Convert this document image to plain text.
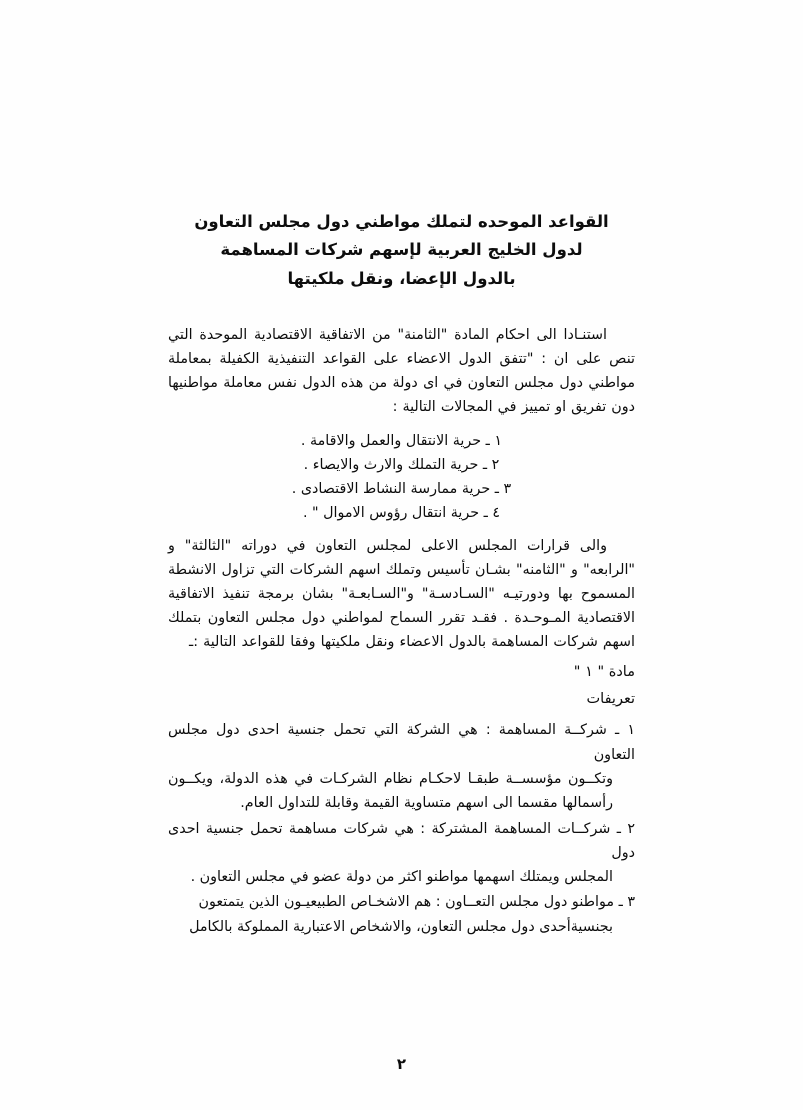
القواعد الموحده لتملك مواطني دول مجلس التعاون
لدول الخليج العربية لإسهم شركات المساهمة
بالدول الإعضا، ونقل ملكيتها

استنـادا الى احكام المادة "الثامنة" من الاتفاقية الاقتصادية الموحدة التي تنص على ان : "تتفق الدول الاعضاء على القواعد التنفيذية الكفيلة بمعاملة مواطني دول مجلس التعاون في اى دولة من هذه الدول نفس معاملة مواطنيها دون تفريق او تمييز في المجالات التالية :

١ ـ حرية الانتقال والعمل والاقامة .

٢ ـ حرية التملك والارث والايصاء .

٣ ـ حرية ممارسة النشاط الاقتصادى .

٤ ـ حرية انتقال رؤوس الاموال " .

والى قرارات المجلس الاعلى لمجلس التعاون في دوراته "الثالثة" و "الرابعه" و "الثامنه" بشـان تأسيس وتملك اسهم الشركات التي تزاول الانشطة المسموح بها ودورتيـه "السـادسـة" و"السـابعـة" بشان برمجة تنفيذ الاتفاقية الاقتصادية المـوحـدة . فقـد تقرر السماح لمواطني دول مجلس التعاون بتملك اسهم شركات المساهمة بالدول الاعضاء ونقل ملكيتها وفقا للقواعد التالية :ـ

مادة " ١ "

تعريفات

١ ـ شركــة المساهمة : هي الشركة التي تحمل جنسية احدى دول مجلس التعاون
وتكــون مؤسســة طبقـا لاحكـام نظام الشركـات في هذه الدولة، ويكــون رأسمالها مقسما الى اسهم متساوية القيمة وقابلة للتداول العام.

٢ ـ شركــات المساهمة المشتركة : هي شركات مساهمة تحمل جنسية احدى دول
المجلس ويمتلك اسهمها مواطنو اكثر من دولة عضو في مجلس التعاون .

٣ ـ مواطنو دول مجلس التعــاون : هم الاشخـاص الطبيعيـون الذين يتمتعون
بجنسيةأحدى دول مجلس التعاون، والاشخاص الاعتبارية المملوكة بالكامل

٢
